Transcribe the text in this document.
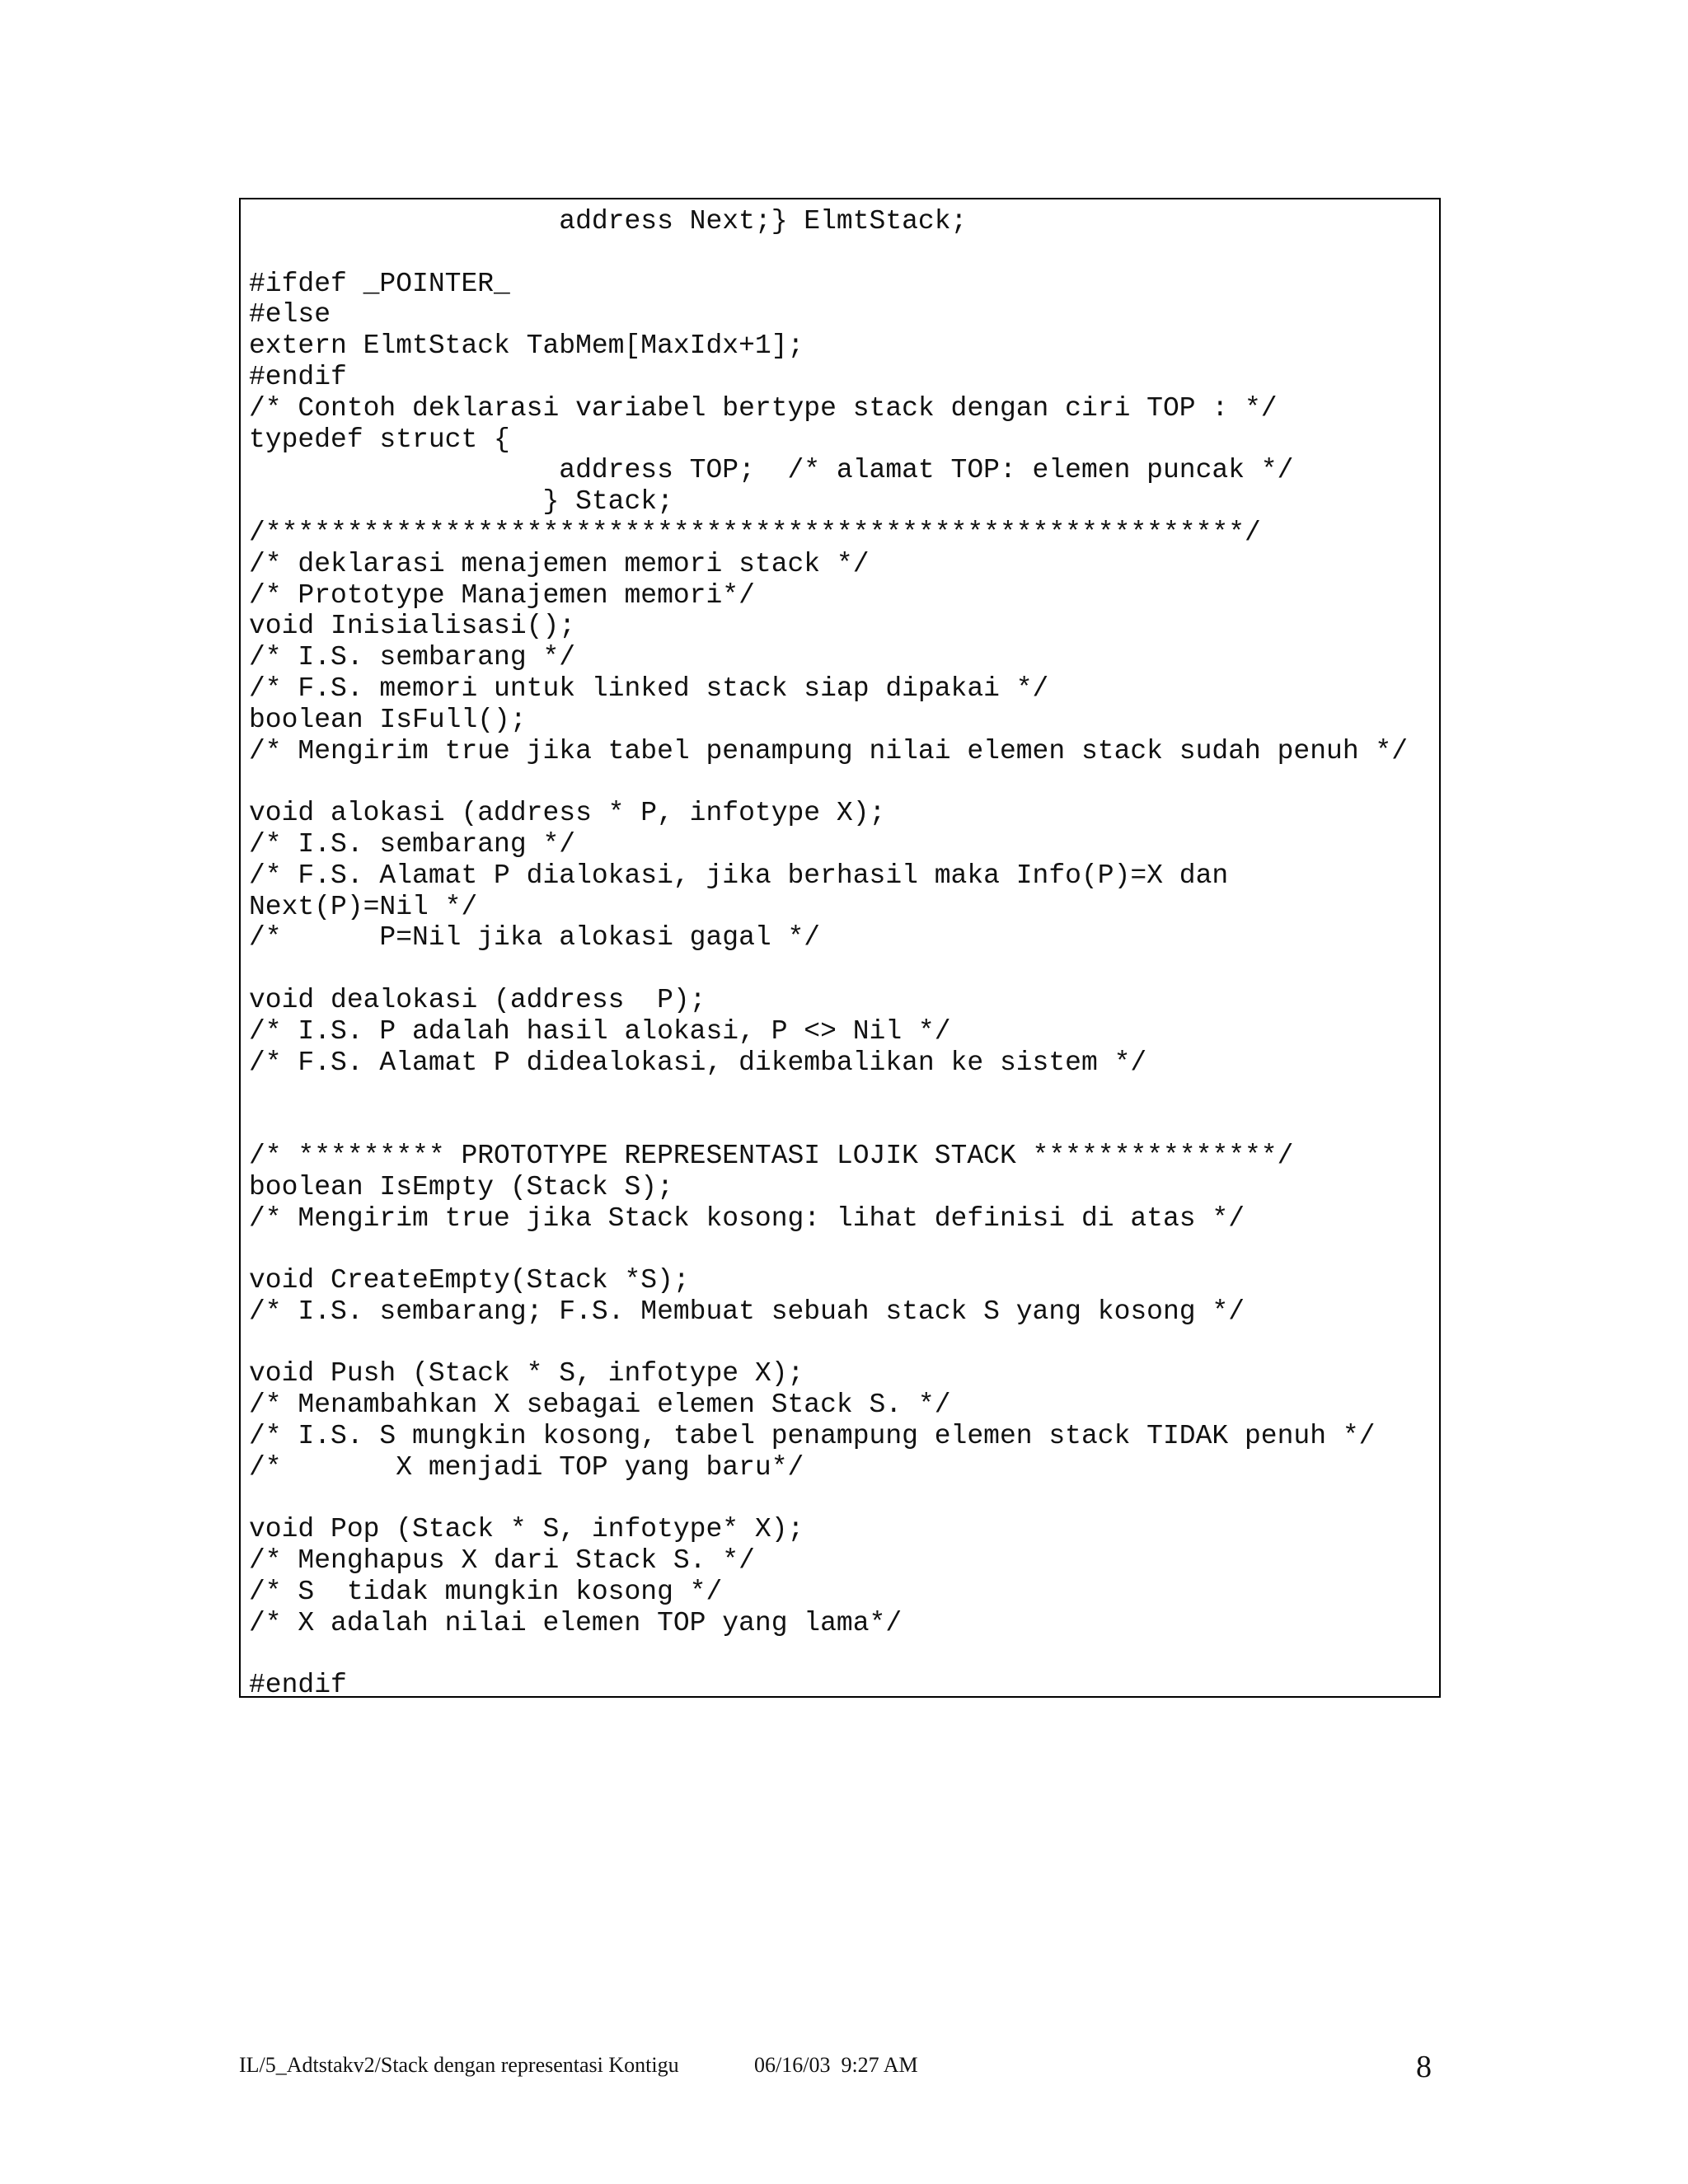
address Next;} ElmtStack;
#ifdef _POINTER_
#else
extern ElmtStack TabMem[MaxIdx+1];
#endif
/* Contoh deklarasi variabel bertype stack dengan ciri TOP : */
typedef struct {
address TOP;  /* alamat TOP: elemen puncak */
} Stack;
/************************************************************/
/* deklarasi menajemen memori stack */
/* Prototype Manajemen memori*/
void Inisialisasi();
/* I.S. sembarang */
/* F.S. memori untuk linked stack siap dipakai */
boolean IsFull();
/* Mengirim true jika tabel penampung nilai elemen stack sudah penuh */
void alokasi (address * P, infotype X);
/* I.S. sembarang */
/* F.S. Alamat P dialokasi, jika berhasil maka Info(P)=X dan
Next(P)=Nil */
/*      P=Nil jika alokasi gagal */
void dealokasi (address  P);
/* I.S. P adalah hasil alokasi, P <> Nil */
/* F.S. Alamat P didealokasi, dikembalikan ke sistem */
/* ********* PROTOTYPE REPRESENTASI LOJIK STACK ***************/
boolean IsEmpty (Stack S);
/* Mengirim true jika Stack kosong: lihat definisi di atas */
void CreateEmpty(Stack *S);
/* I.S. sembarang; F.S. Membuat sebuah stack S yang kosong */
void Push (Stack * S, infotype X);
/* Menambahkan X sebagai elemen Stack S. */
/* I.S. S mungkin kosong, tabel penampung elemen stack TIDAK penuh */
/*       X menjadi TOP yang baru*/
void Pop (Stack * S, infotype* X);
/* Menghapus X dari Stack S. */
/* S  tidak mungkin kosong */
/* X adalah nilai elemen TOP yang lama*/
#endif
IL/5_Adtstakv2/Stack dengan representasi Kontigu	06/16/03  9:27 AM	8
